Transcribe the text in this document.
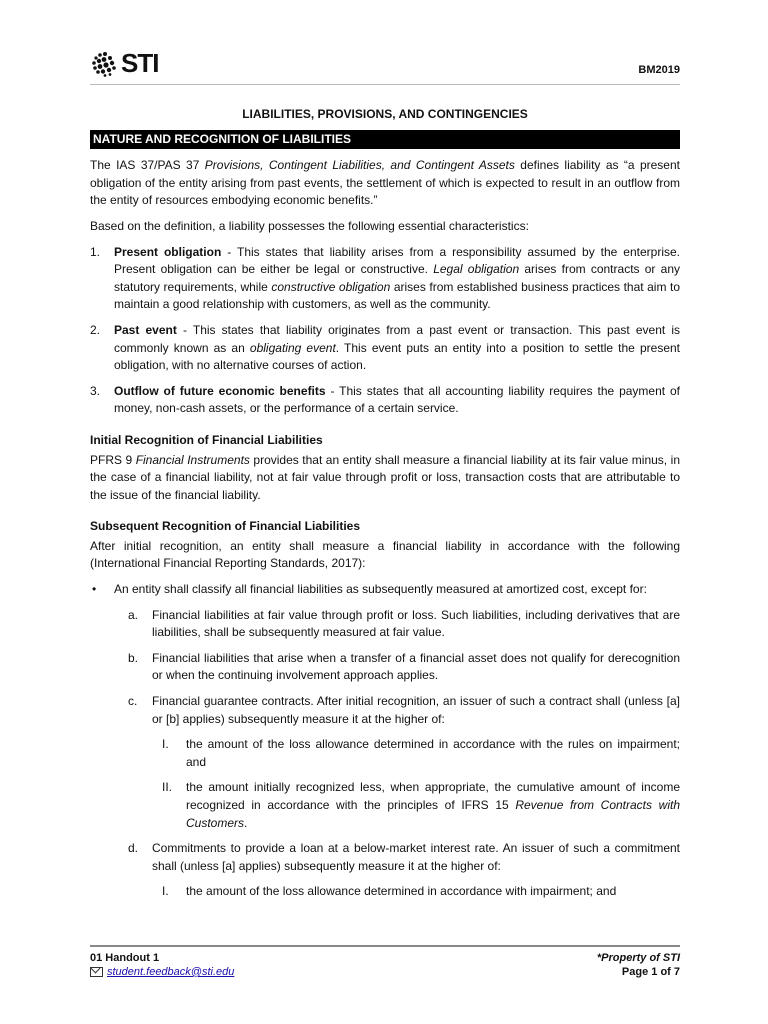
STI	BM2019
LIABILITIES, PROVISIONS, AND CONTINGENCIES
NATURE AND RECOGNITION OF LIABILITIES

The IAS 37/PAS 37 Provisions, Contingent Liabilities, and Contingent Assets defines liability as “a present obligation of the entity arising from past events, the settlement of which is expected to result in an outflow from the entity of resources embodying economic benefits.”

Based on the definition, a liability possesses the following essential characteristics:

1. Present obligation - This states that liability arises from a responsibility assumed by the enterprise. Present obligation can be either be legal or constructive. Legal obligation arises from contracts or any statutory requirements, while constructive obligation arises from established business practices that aim to maintain a good relationship with customers, as well as the community.
2. Past event - This states that liability originates from a past event or transaction. This past event is commonly known as an obligating event. This event puts an entity into a position to settle the present obligation, with no alternative courses of action.
3. Outflow of future economic benefits - This states that all accounting liability requires the payment of money, non-cash assets, or the performance of a certain service.
Initial Recognition of Financial Liabilities

PFRS 9 Financial Instruments provides that an entity shall measure a financial liability at its fair value minus, in the case of a financial liability, not at fair value through profit or loss, transaction costs that are attributable to the issue of the financial liability.

Subsequent Recognition of Financial Liabilities

After initial recognition, an entity shall measure a financial liability in accordance with the following (International Financial Reporting Standards, 2017):

• An entity shall classify all financial liabilities as subsequently measured at amortized cost, except for:
a. Financial liabilities at fair value through profit or loss. Such liabilities, including derivatives that are liabilities, shall be subsequently measured at fair value.
b. Financial liabilities that arise when a transfer of a financial asset does not qualify for derecognition or when the continuing involvement approach applies.
c. Financial guarantee contracts. After initial recognition, an issuer of such a contract shall (unless [a] or [b] applies) subsequently measure it at the higher of:
I. the amount of the loss allowance determined in accordance with the rules on impairment; and
II. the amount initially recognized less, when appropriate, the cumulative amount of income recognized in accordance with the principles of IFRS 15 Revenue from Contracts with Customers.
d. Commitments to provide a loan at a below-market interest rate. An issuer of such a commitment shall (unless [a] applies) subsequently measure it at the higher of:
I. the amount of the loss allowance determined in accordance with impairment; and
01 Handout 1
student.feedback@sti.edu
*Property of STI
Page 1 of 7
